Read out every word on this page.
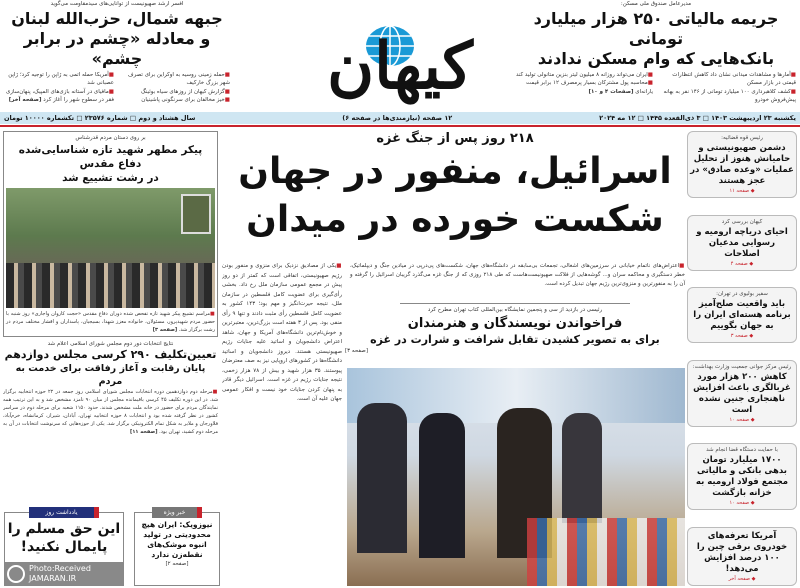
مدیرعامل صندوق ملی مسکن:
جریمه مالیاتی ۲۵۰ هزار میلیارد تومانی
بانک‌هایی که وام مسکن ندادند
■آمارها و مشاهدات میدانی نشان داد کاهش انتظارات قیمتی در بازار مسکن
■کشف کلاهبرداری ۱۰۰ میلیارد تومانی از ۱۴۶ نفر به بهانه پیش‌فروش خودرو
■ایران می‌تواند روزانه ۸ میلیون لیتر بنزین متانولی تولید کند
■محاسبه پول مشترکان بسیار پرمصرف ۱۲ برابر قیمت یارانه‌ای [صفحات ۴ و ۱۰]
کیهان
افسر ارشد صهیونیست از توانایی‌های سیدمقاومت می‌گوید
جبهه شمال، حزب‌الله لبنان
و معادله «چشم در برابر چشم»
■حمله زمینی روسیه به اوکراین برای تصرف شهر بزرگ خارکیف
■گزارش کیهان از روزهای سیاه بوئینگ
■خیز مخالفان برای سرنگونی پاشینیان
■آمریکا حمله اتمی به ژاپن را توجیه کرد؛ ژاپن عصبانی شد
■مافیای در آستانه بازی‌های المپیک، پنهان‌سازی فقر در سطوح شهر را آغاز کرد [صفحه آخر]
یکشنبه ۲۳ اردیبهشت ۱۴۰۳ □ ۳ ذی‌القعده ۱۴۴۵ □ ۱۲ مه ۲۰۲۴
۱۲ صفحه (نیازمندی‌ها در صفحه ۶)
سال هشتاد و دوم □ شماره ۲۳۵۷۶ □ تکشماره ۱۰۰۰۰ تومان
رئیس قوه قضائیه:
دشمن صهیونیستی و حامیانش هنوز از تحلیل عملیات «وعده صادق» در عجز هستند
◆ صفحه ۱۱
کیهان بررسی کرد
احیای دریاچه ارومیه و رسوایی مدعیان اصلاحات
◆ صفحه ۴
سفیر بولیوی در تهران:
باید واقعیت صلح‌آمیز برنامه هسته‌ای ایران را به جهان بگوییم
◆ صفحه ۳
رئیس مرکز جوانی جمعیت وزارت بهداشت:
کاهش ۲۰۰ هزار مورد غربالگری باعث افزایش ناهنجاری جنین نشده است
◆ صفحه ۱۰
با حمایت دستگاه قضا انجام شد
۱۷۰۰ میلیارد تومان بدهی بانکی و مالیاتی مجتمع فولاد ارومیه به خزانه بازگشت
◆ صفحه ۱۰
آمریکا تعرفه‌های خودروی برقی چین را ۱۰۰ درصد افزایش می‌دهد!
◆ صفحه آخر
۲۱۸ روز پس از جنگ غزه
اسرائیل، منفور در جهان
شکست خورده در میدان
■اعتراض‌های ناتمام خیابانی در سرزمین‌های اشغالی، تجمعات بی‌سابقه در دانشگاه‌های جهان، شکست‌های پی‌درپی در میادین جنگ و دیپلماتیک، خطر دستگیری و محاکمه سران و... گوشه‌هایی از فلاکت صهیونیست‌هاست که طی ۲۱۸ روزی که از جنگ غزه می‌گذرد گریبان اسرائیل را گرفته و آن را به منفورترین و منزوی‌ترین رژیم جهان تبدیل کرده است.
■یکی از مصادیق نزدیک برای منزوی و منفور بودن رژیم صهیونیستی، اتفاقی است که کمتر از دو روز پیش در مجمع عمومی سازمان ملل رخ داد. بخشی رأی‌گیری برای عضویت کامل فلسطین در سازمان ملل، نتیجه حیرت‌انگیز و مهم بود؛ ۱۴۳ کشور به عضویت کامل فلسطین رأی مثبت دادند و تنها ۹ رأی منفی بود. پس از ۳ هفته است بزرگ‌ترین، معتبرترین و خوش‌نام‌ترین دانشگاه‌های آمریکا و جهان، شاهد اعتراض دانشجویان و اساتید علیه جنایات رژیم صهیونیستی هستند. دیروز دانشجویان و اساتید دانشگاه‌ها در کشورهای اروپایی نیز به صف معترضان پیوستند. ۳۵ هزار شهید و بیش از ۷۸ هزار زخمی، نتیجه جنایات رژیم در غزه است. اسرائیل دیگر قادر به پنهان کردن جنایات خود نیست و افکار عمومی جهان علیه آن است.
رئیسی در بازدید از سی و پنجمین نمایشگاه بین‌المللی کتاب تهران مطرح کرد
فراخواندن نویسندگان و هنرمندان
برای به تصویر کشیدن تقابل شرافت و شرارت در غزه
[صفحه ۳]
بر روی دستان مردم قدرشناس
پیکر مطهر شهید تازه شناسایی‌شده دفاع مقدس
در رشت تشییع شد
■مراسم تشییع پیکر شهید تازه تفحص شده دوران دفاع مقدس «حجت کاروان واجاری» روز شنبه با حضور مردم شهیدپرور، مسئولان، خانواده معزز شهدا، بسیجیان، پاسداران و اقشار مختلف مردم در رشت برگزار شد. [صفحه ۳]
نتایج انتخابات دور دوم مجلس شورای اسلامی اعلام شد
تعیین‌تکلیف ۲۹۰ کرسی مجلس دوازدهم
پایان رقابت و آغاز رفاقت برای خدمت به مردم
■مرحله دوم دوازدهمین دوره انتخابات مجلس شورای اسلامی روز جمعه در ۲۲ حوزه انتخابیه برگزار شد. در این دوره تکلیف ۴۵ کرسی باقیمانده مجلس از میان ۹۰ نامزد مشخص شد و به این ترتیب همه نمایندگان مردم برای حضور در خانه ملت مشخص شدند. حدود ۱۱۵۰ شعبه برای مرحله دوم در سراسر کشور در نظر گرفته شده بود و انتخابات ۸ حوزه انتخابیه تهران، آبادان، شیراز، کرمانشاه، خرم‌آباد، فلاورجان و ملایر به شکل تمام الکترونیکی برگزار شد. یکی از حوزه‌هایی که سرنوشت انتخابات در آن به مرحله دوم کشید، تهران بود. [صفحه ۱۱]
یادداشت روز
این حق مسلم را پایمال نکنید!
خبر ویژه
نیوزویک: ایران هیچ محدودیتی در تولید انبوه موشک‌های نقطه‌زن ندارد
[صفحه ۲]
Photo:Received
JAMARAN.IR
